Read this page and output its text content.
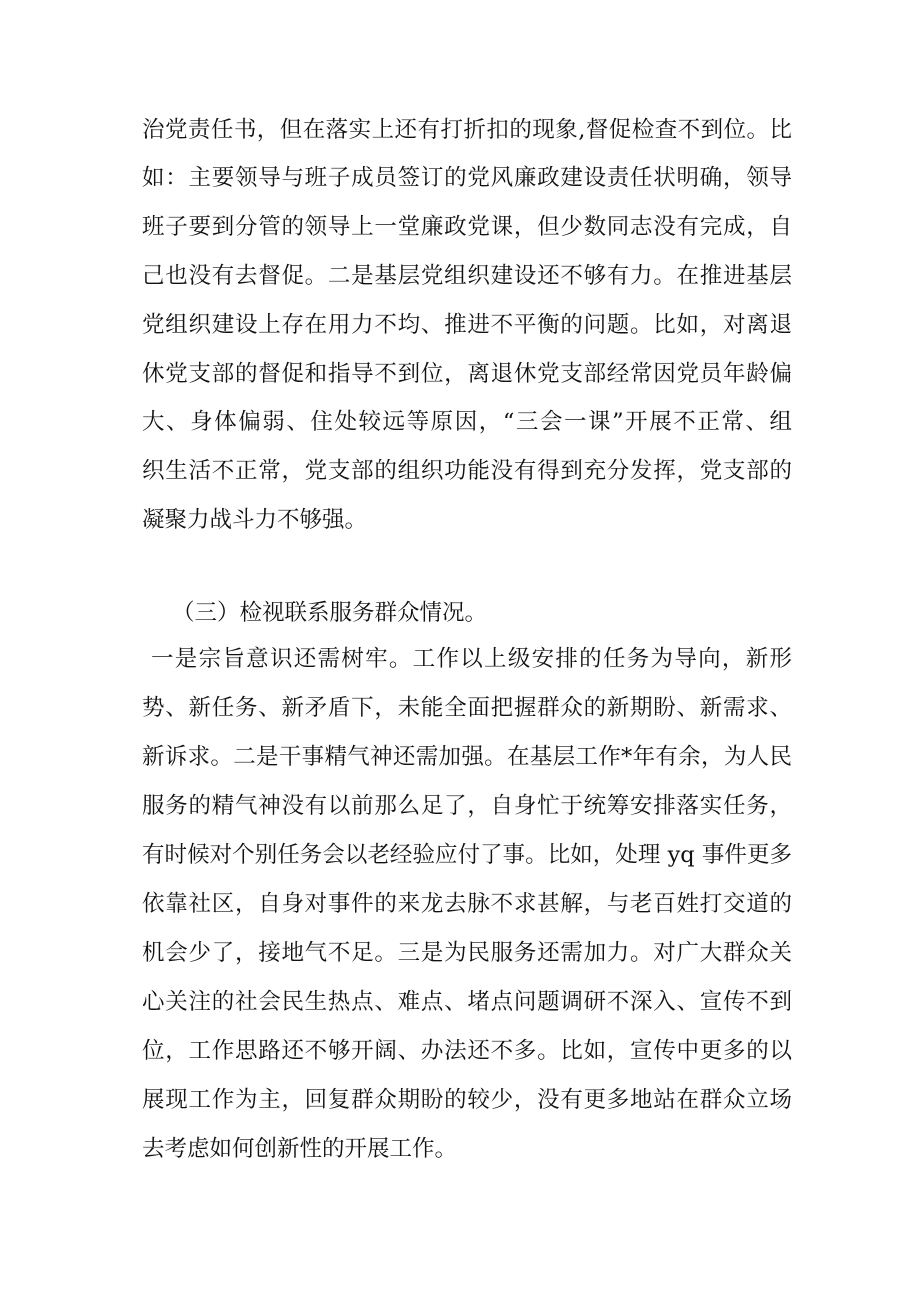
治党责任书，但在落实上还有打折扣的现象,督促检查不到位。比
如：主要领导与班子成员签订的党风廉政建设责任状明确，领导
班子要到分管的领导上一堂廉政党课，但少数同志没有完成，自
己也没有去督促。二是基层党组织建设还不够有力。在推进基层
党组织建设上存在用力不均、推进不平衡的问题。比如，对离退
休党支部的督促和指导不到位，离退休党支部经常因党员年龄偏
大、身体偏弱、住处较远等原因，“三会一课”开展不正常、组
织生活不正常，党支部的组织功能没有得到充分发挥，党支部的
凝聚力战斗力不够强。
（三）检视联系服务群众情况。
一是宗旨意识还需树牢。工作以上级安排的任务为导向，新形
势、新任务、新矛盾下，未能全面把握群众的新期盼、新需求、
新诉求。二是干事精气神还需加强。在基层工作*年有余，为人民
服务的精气神没有以前那么足了，自身忙于统筹安排落实任务，
有时候对个别任务会以老经验应付了事。比如，处理 yq 事件更多
依靠社区，自身对事件的来龙去脉不求甚解，与老百姓打交道的
机会少了，接地气不足。三是为民服务还需加力。对广大群众关
心关注的社会民生热点、难点、堵点问题调研不深入、宣传不到
位，工作思路还不够开阔、办法还不多。比如，宣传中更多的以
展现工作为主，回复群众期盼的较少，没有更多地站在群众立场
去考虑如何创新性的开展工作。
